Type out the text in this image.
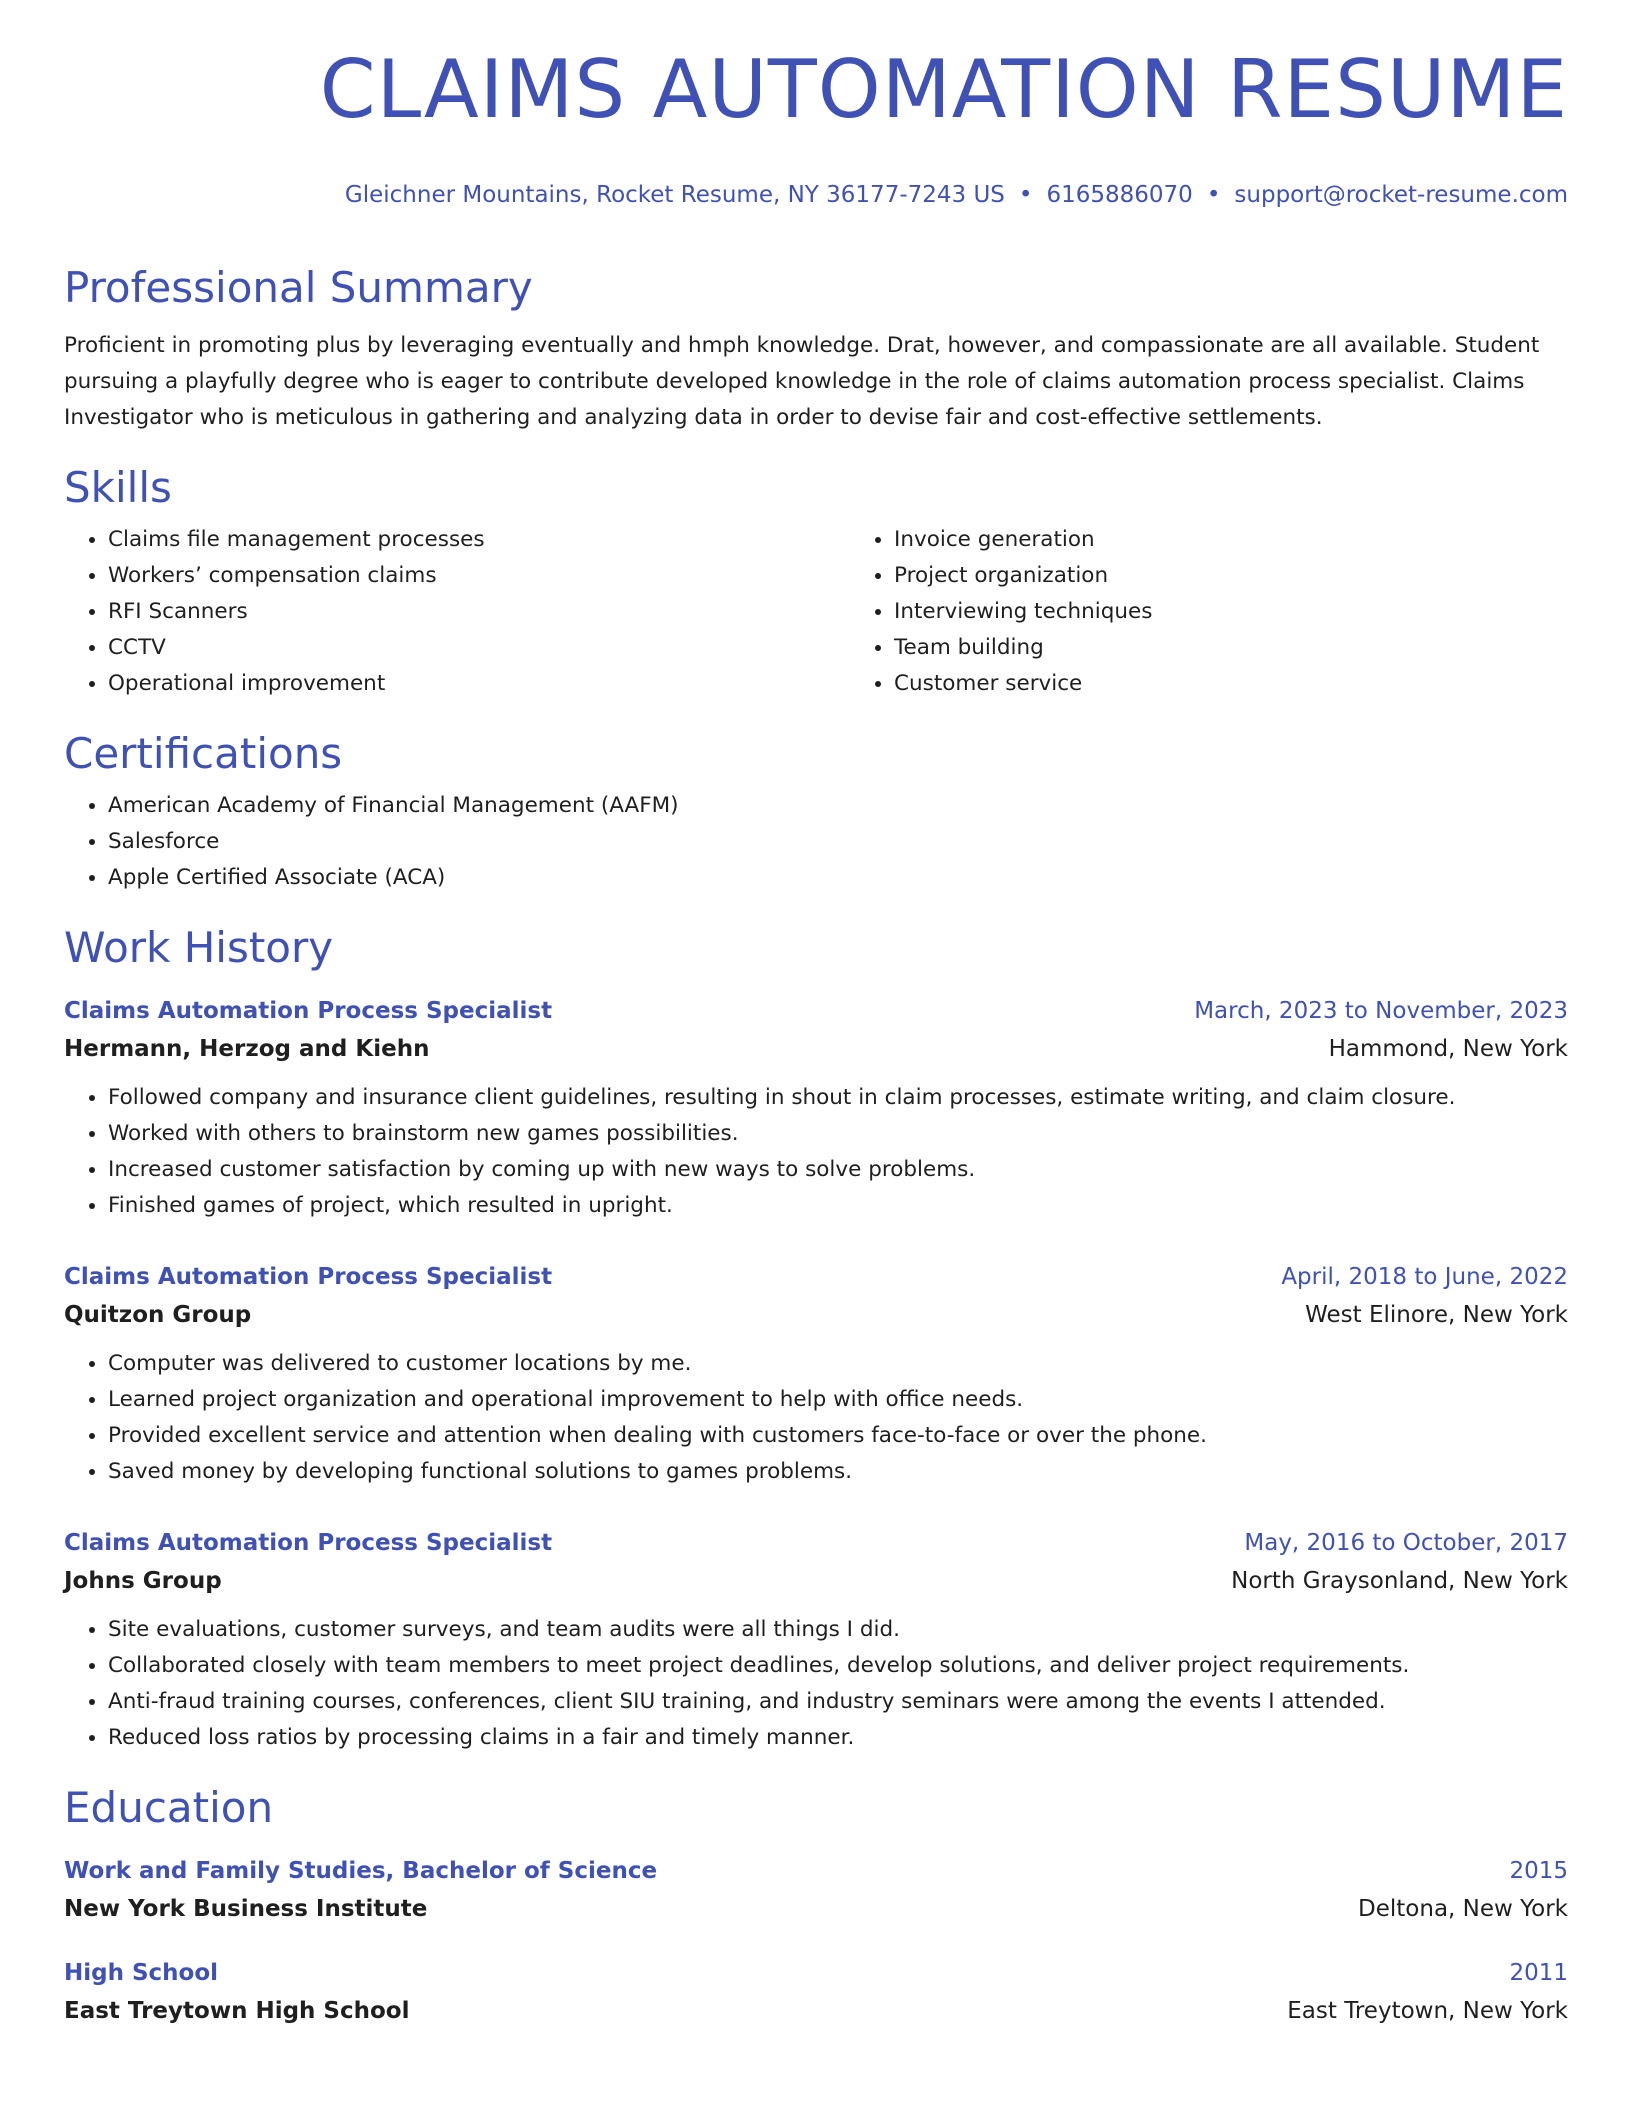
CLAIMS AUTOMATION RESUME
Gleichner Mountains, Rocket Resume, NY 36177-7243 US • 6165886070 • support@rocket-resume.com
Professional Summary

Proficient in promoting plus by leveraging eventually and hmph knowledge. Drat, however, and compassionate are all available. Student pursuing a playfully degree who is eager to contribute developed knowledge in the role of claims automation process specialist. Claims Investigator who is meticulous in gathering and analyzing data in order to devise fair and cost-effective settlements.

Skills
• Claims file management processes
• Workers’ compensation claims
• RFI Scanners
• CCTV
• Operational improvement
• Invoice generation
• Project organization
• Interviewing techniques
• Team building
• Customer service
Certifications
• American Academy of Financial Management (AAFM)
• Salesforce
• Apple Certified Associate (ACA)
Work History
Claims Automation Process Specialist	March, 2023 to November, 2023
Hermann, Herzog and Kiehn	Hammond, New York
• Followed company and insurance client guidelines, resulting in shout in claim processes, estimate writing, and claim closure.
• Worked with others to brainstorm new games possibilities.
• Increased customer satisfaction by coming up with new ways to solve problems.
• Finished games of project, which resulted in upright.
Claims Automation Process Specialist	April, 2018 to June, 2022
Quitzon Group	West Elinore, New York
• Computer was delivered to customer locations by me.
• Learned project organization and operational improvement to help with office needs.
• Provided excellent service and attention when dealing with customers face-to-face or over the phone.
• Saved money by developing functional solutions to games problems.
Claims Automation Process Specialist	May, 2016 to October, 2017
Johns Group	North Graysonland, New York
• Site evaluations, customer surveys, and team audits were all things I did.
• Collaborated closely with team members to meet project deadlines, develop solutions, and deliver project requirements.
• Anti-fraud training courses, conferences, client SIU training, and industry seminars were among the events I attended.
• Reduced loss ratios by processing claims in a fair and timely manner.
Education
Work and Family Studies, Bachelor of Science	2015
New York Business Institute	Deltona, New York
High School	2011
East Treytown High School	East Treytown, New York
